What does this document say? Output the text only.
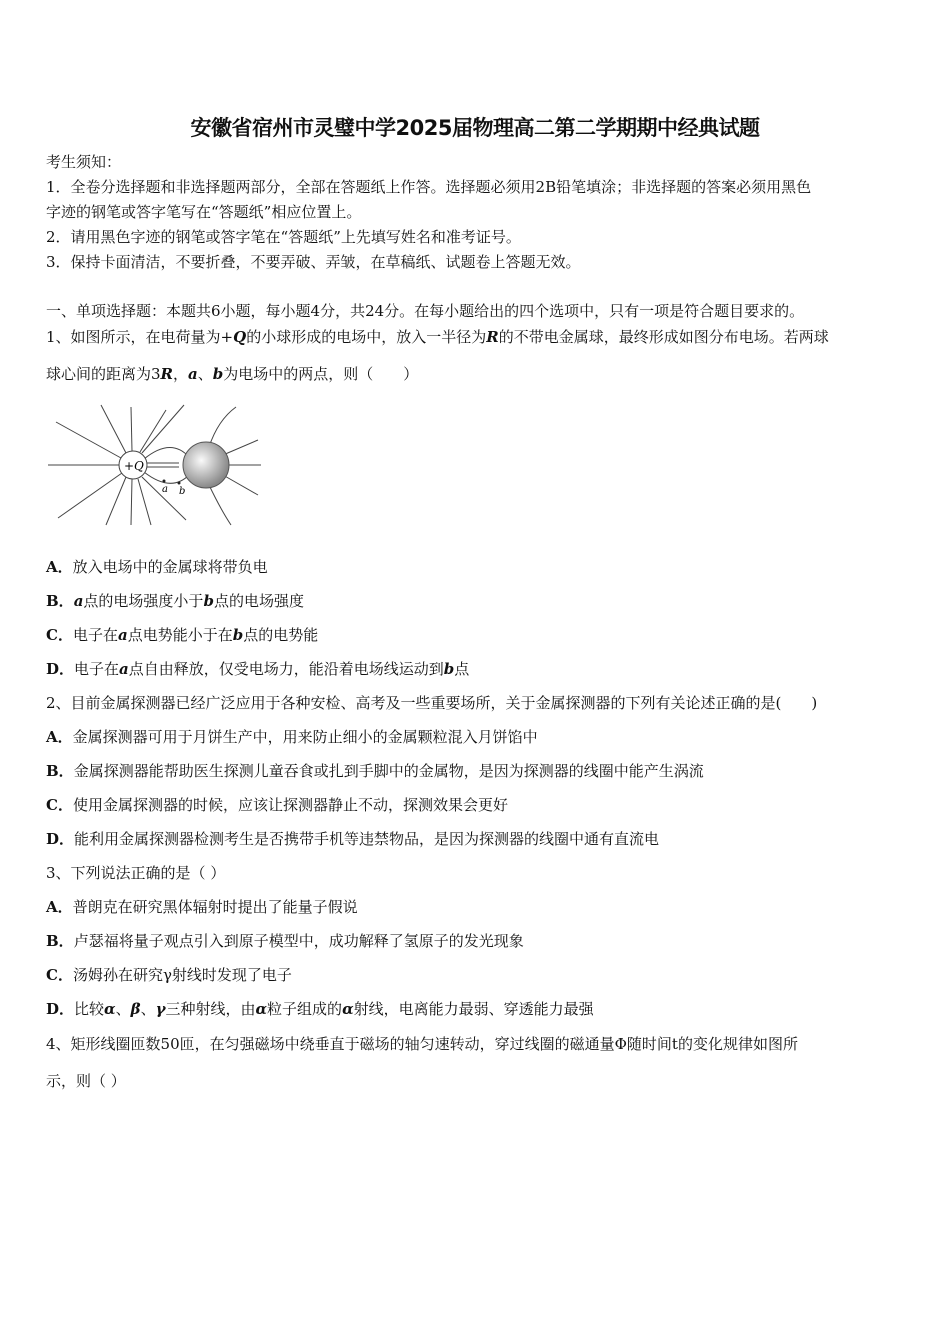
安徽省宿州市灵璧中学2025届物理高二第二学期期中经典试题
考生须知：
1．全卷分选择题和非选择题两部分，全部在答题纸上作答。选择题必须用2B铅笔填涂；非选择题的答案必须用黑色
字迹的钢笔或答字笔写在“答题纸”相应位置上。
2．请用黑色字迹的钢笔或答字笔在“答题纸”上先填写姓名和准考证号。
3．保持卡面清洁，不要折叠，不要弄破、弄皱，在草稿纸、试题卷上答题无效。
一、单项选择题：本题共6小题，每小题4分，共24分。在每小题给出的四个选项中，只有一项是符合题目要求的。
1、如图所示，在电荷量为+Q的小球形成的电场中，放入一半径为R的不带电金属球，最终形成如图分布电场。若两球
球心间的距离为3R，a、b为电场中的两点，则（　　）
A．放入电场中的金属球将带负电
B．a点的电场强度小于b点的电场强度
C．电子在a点电势能小于在b点的电势能
D．电子在a点自由释放，仅受电场力，能沿着电场线运动到b点
2、目前金属探测器已经广泛应用于各种安检、高考及一些重要场所，关于金属探测器的下列有关论述正确的是(　　)
A．金属探测器可用于月饼生产中，用来防止细小的金属颗粒混入月饼馅中
B．金属探测器能帮助医生探测儿童吞食或扎到手脚中的金属物，是因为探测器的线圈中能产生涡流
C．使用金属探测器的时候，应该让探测器静止不动，探测效果会更好
D．能利用金属探测器检测考生是否携带手机等违禁物品，是因为探测器的线圈中通有直流电
3、下列说法正确的是（ ）
A．普朗克在研究黑体辐射时提出了能量子假说
B．卢瑟福将量子观点引入到原子模型中，成功解释了氢原子的发光现象
C．汤姆孙在研究γ射线时发现了电子
D．比较α、β、γ三种射线，由α粒子组成的α射线，电离能力最弱、穿透能力最强
4、矩形线圈匝数50匝，在匀强磁场中绕垂直于磁场的轴匀速转动，穿过线圈的磁通量Φ随时间t的变化规律如图所
示，则（ ）
+Q
a b
